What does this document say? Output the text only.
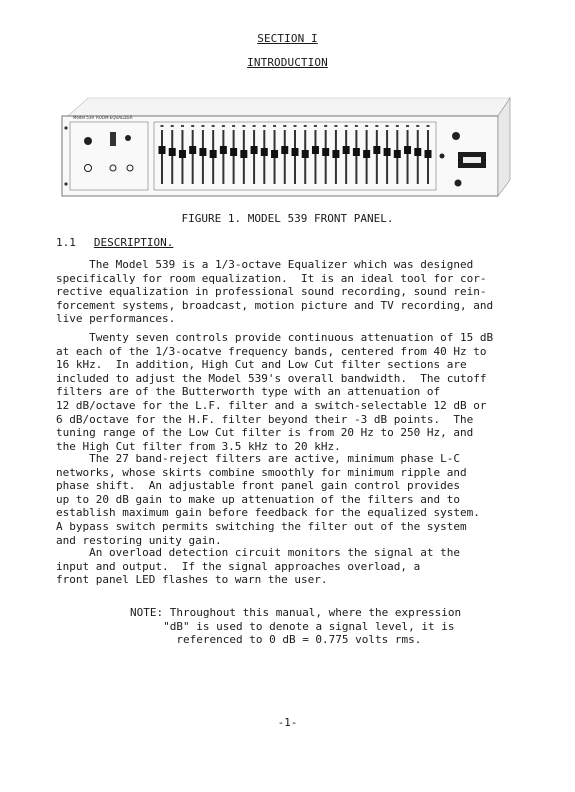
SECTION I
INTRODUCTION
Model 539 ROOM EQUALIZER
FIGURE 1. MODEL 539 FRONT PANEL.
1.1 DESCRIPTION.

The Model 539 is a 1/3-octave Equalizer which was designed
specifically for room equalization.  It is an ideal tool for cor-
rective equalization in professional sound recording, sound rein-
forcement systems, broadcast, motion picture and TV recording, and
live performances.

Twenty seven controls provide continuous attenuation of 15 dB
at each of the 1/3-ocatve frequency bands, centered from 40 Hz to
16 kHz.  In addition, High Cut and Low Cut filter sections are
included to adjust the Model 539's overall bandwidth.  The cutoff
filters are of the Butterworth type with an attenuation of
12 dB/octave for the L.F. filter and a switch-selectable 12 dB or
6 dB/octave for the H.F. filter beyond their -3 dB points.  The
tuning range of the Low Cut filter is from 20 Hz to 250 Hz, and
the High Cut filter from 3.5 kHz to 20 kHz.

The 27 band-reject filters are active, minimum phase L-C
networks, whose skirts combine smoothly for minimum ripple and
phase shift.  An adjustable front panel gain control provides
up to 20 dB gain to make up attenuation of the filters and to
establish maximum gain before feedback for the equalized system.
A bypass switch permits switching the filter out of the system
and restoring unity gain.

An overload detection circuit monitors the signal at the
input and output.  If the signal approaches overload, a
front panel LED flashes to warn the user.

NOTE: Throughout this manual, where the expression
"dB" is used to denote a signal level, it is
referenced to 0 dB = 0.775 volts rms.

-1-
